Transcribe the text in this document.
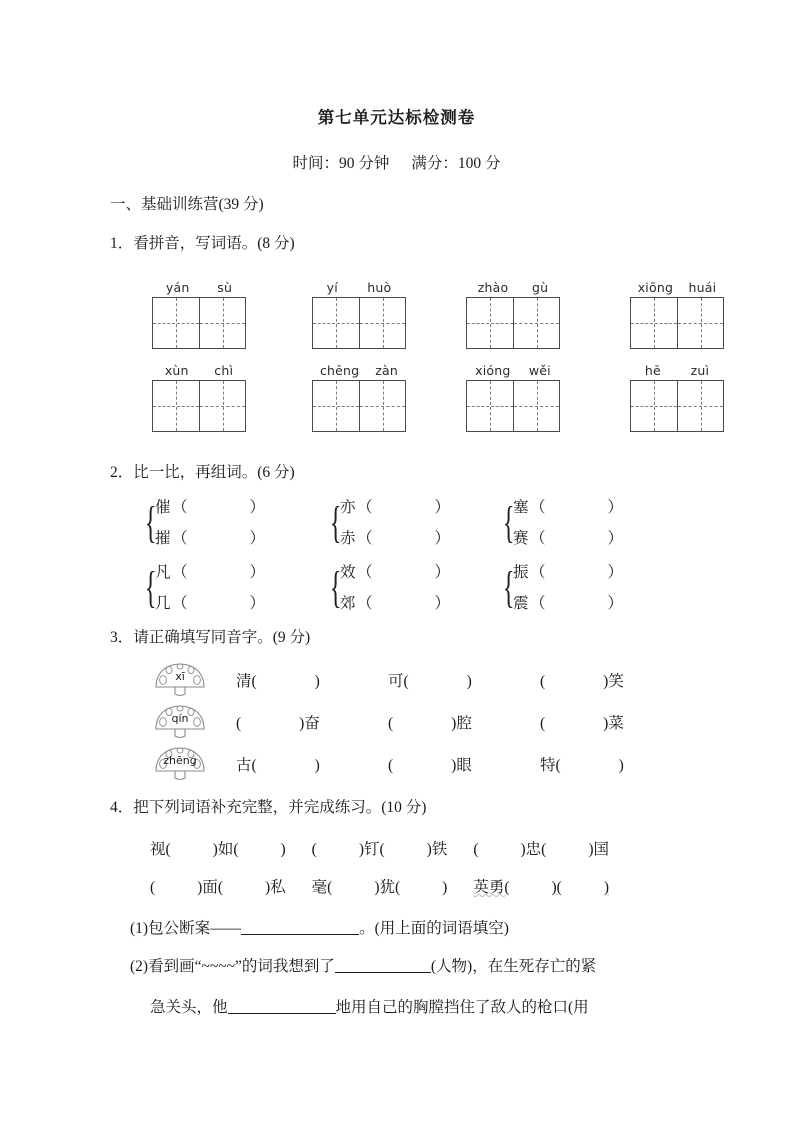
第七单元达标检测卷
时间：90 分钟 满分：100 分
一、基础训练营(39 分)
1．看拼音，写词语。(8 分)
yán sù	yí huò	zhào gù	xiōng huái
xùn chì	chēng zàn	xióng wěi	hē zuì
2．比一比，再组词。(6 分)
{
催（	）
摧（	） {
亦（	）
赤（	） {
塞（	）
赛（	）
{
凡（	）
几（	） {
效（	）
郊（	） {
振（	）
震（	）
3．请正确填写同音字。(9 分)
xī	清(	)	可(	)	(	)笑
qín	(	)奋	(	)腔	(	)菜
zhēng	古(	)	(	)眼	特(	)
4．把下列词语补充完整，并完成练习。(10 分)
视(	)如(	) (	)钉(	)铁 (	)忠(	)国
(	)面(	)私 毫(	)犹(	) 英勇(	)(	)
(1)包公断案——	。(用上面的词语填空)
(2)看到画“~~~~”的词我想到了	(人物)，在生死存亡的紧
急关头，他	地用自己的胸膛挡住了敌人的枪口(用
